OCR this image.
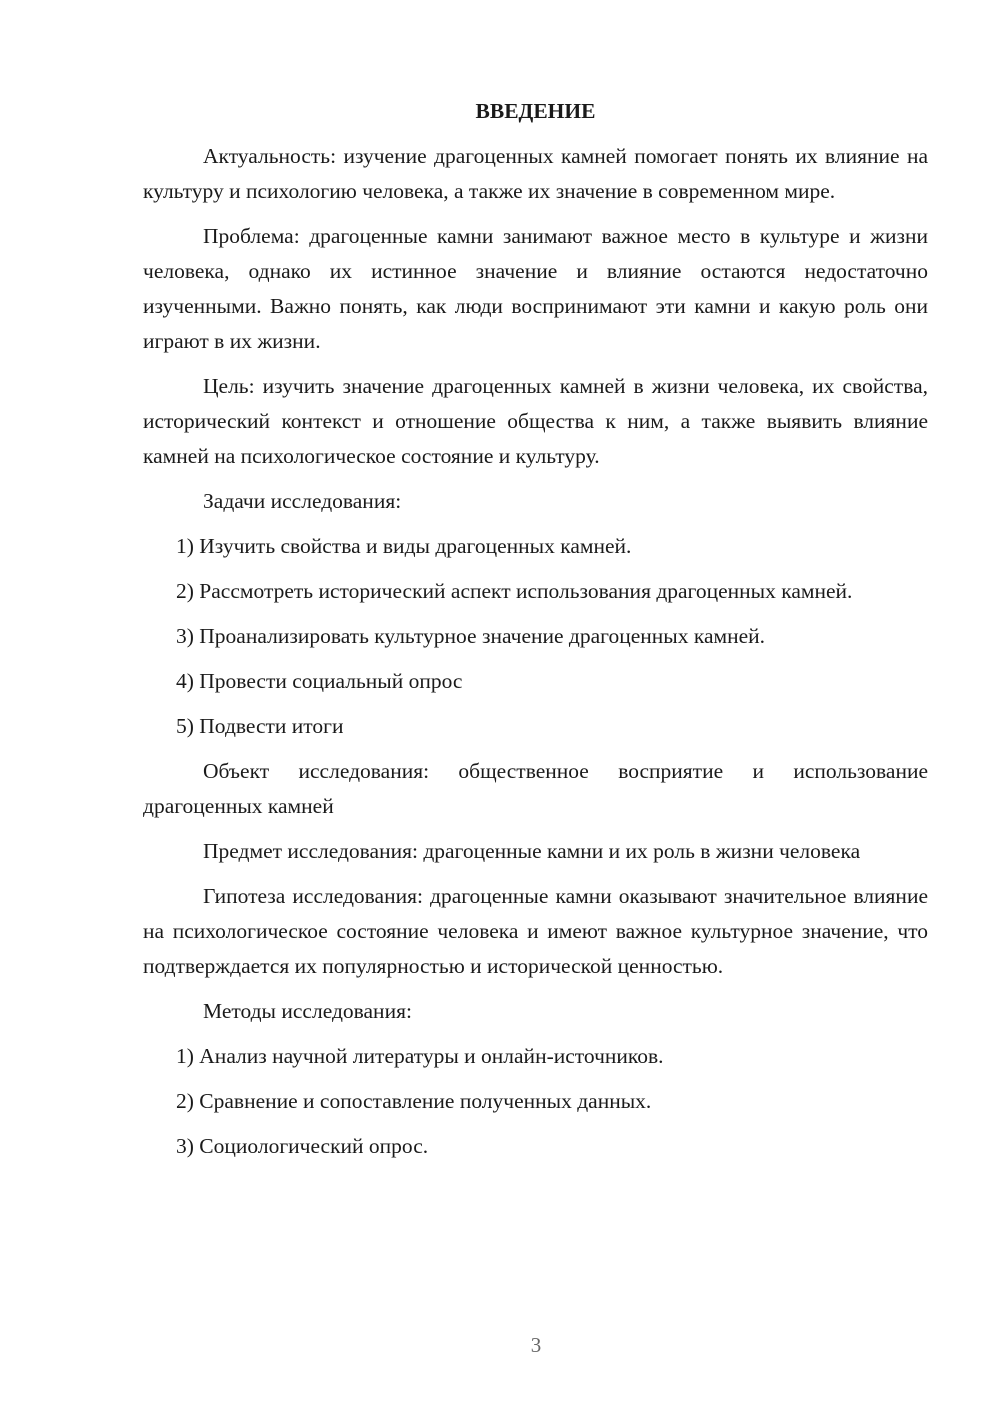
ВВЕДЕНИЕ

Актуальность: изучение драгоценных камней помогает понять их влияние на культуру и психологию человека, а также их значение в современном мире.

Проблема: драгоценные камни занимают важное место в культуре и жизни человека, однако их истинное значение и влияние остаются недостаточно изученными. Важно понять, как люди воспринимают эти камни и какую роль они играют в их жизни.

Цель: изучить значение драгоценных камней в жизни человека, их свойства, исторический контекст и отношение общества к ним, а также выявить влияние камней на психологическое состояние и культуру.

Задачи исследования:

1) Изучить свойства и виды драгоценных камней.

2) Рассмотреть исторический аспект использования драгоценных камней.

3) Проанализировать культурное значение драгоценных камней.

4) Провести социальный опрос

5) Подвести итоги

Объект исследования: общественное восприятие и использование драгоценных камней

Предмет исследования: драгоценные камни и их роль в жизни человека

Гипотеза исследования: драгоценные камни оказывают значительное влияние на психологическое состояние человека и имеют важное культурное значение, что подтверждается их популярностью и исторической ценностью.

Методы исследования:

1) Анализ научной литературы и онлайн-источников.

2) Сравнение и сопоставление полученных данных.

3) Социологический опрос.

3
